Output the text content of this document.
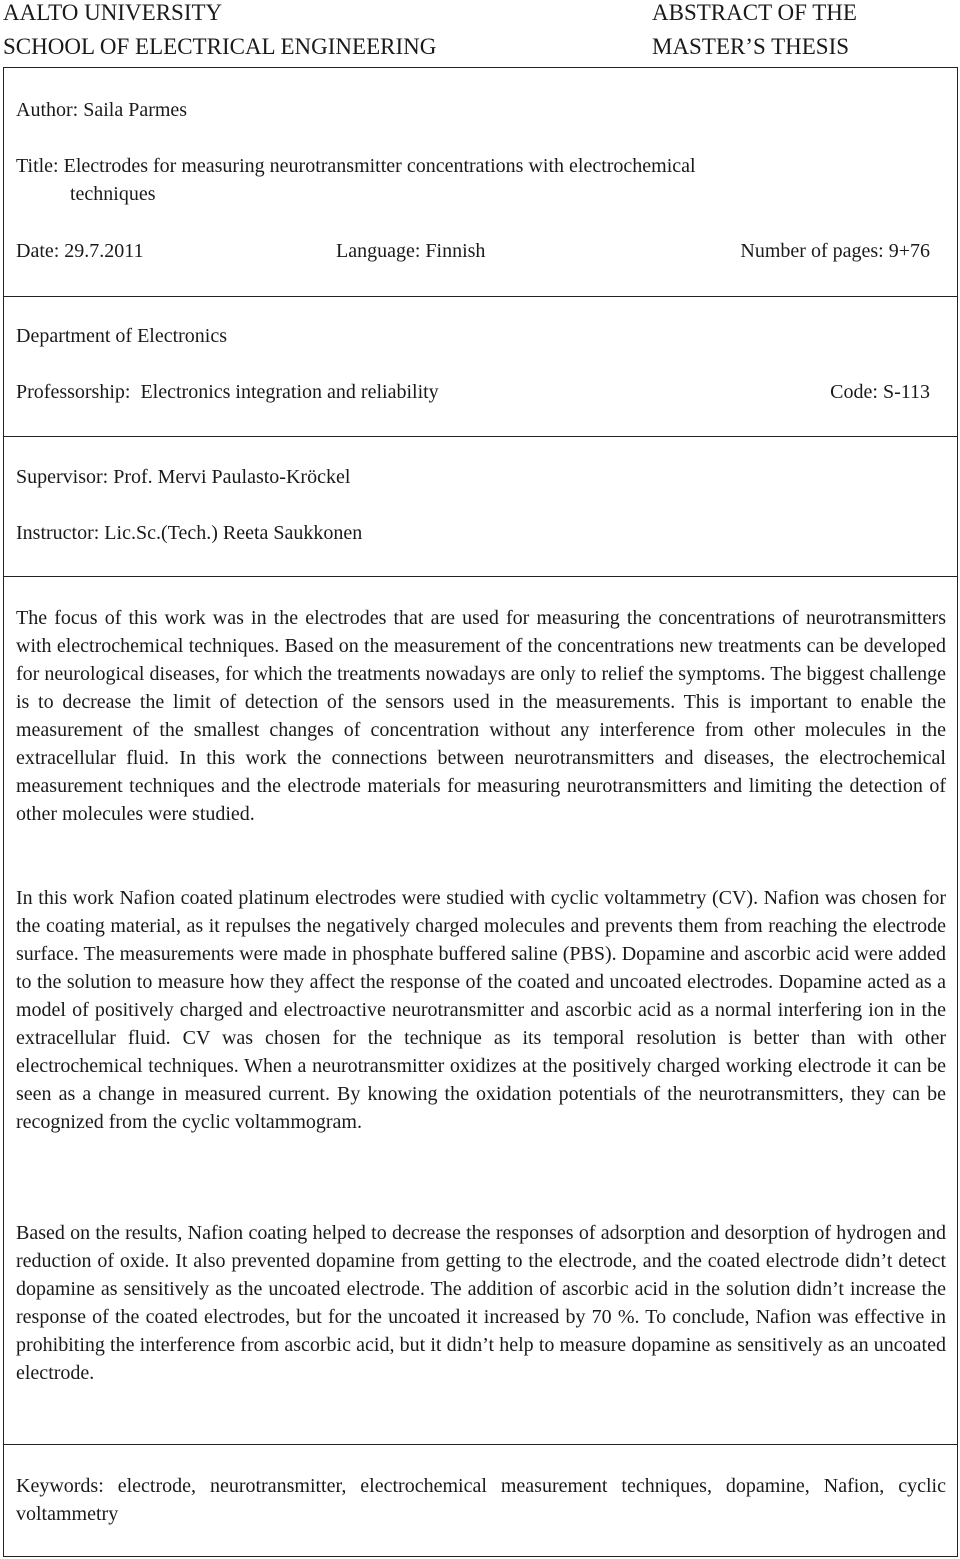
AALTO UNIVERSITY
SCHOOL OF ELECTRICAL ENGINEERING
ABSTRACT OF THE
MASTER’S THESIS
Author: Saila Parmes
Title: Electrodes for measuring neurotransmitter concentrations with electrochemical
techniques
Date: 29.7.2011	Language: Finnish	Number of pages: 9+76
Department of Electronics
Professorship:  Electronics integration and reliability	Code: S-113
Supervisor: Prof. Mervi Paulasto-Kröckel
Instructor: Lic.Sc.(Tech.) Reeta Saukkonen
The focus of this work was in the electrodes that are used for measuring the concentrations of neurotransmitters with electrochemical techniques. Based on the measurement of the concentrations new treatments can be developed for neurological diseases, for which the treatments nowadays are only to relief the symptoms. The biggest challenge is to decrease the limit of detection of the sensors used in the measurements. This is important to enable the measurement of the smallest changes of concentration without any interference from other molecules in the extracellular fluid. In this work the connections between neurotransmitters and diseases, the electrochemical measurement techniques and the electrode materials for measuring neurotransmitters and limiting the detection of other molecules were studied.
In this work Nafion coated platinum electrodes were studied with cyclic voltammetry (CV). Nafion was chosen for the coating material, as it repulses the negatively charged molecules and prevents them from reaching the electrode surface. The measurements were made in phosphate buffered saline (PBS). Dopamine and ascorbic acid were added to the solution to measure how they affect the response of the coated and uncoated electrodes. Dopamine acted as a model of positively charged and electroactive neurotransmitter and ascorbic acid as a normal interfering ion in the extracellular fluid. CV was chosen for the technique as its temporal resolution is better than with other electrochemical techniques. When a neurotransmitter oxidizes at the positively charged working electrode it can be seen as a change in measured current. By knowing the oxidation potentials of the neurotransmitters, they can be recognized from the cyclic voltammogram.
Based on the results, Nafion coating helped to decrease the responses of adsorption and desorption of hydrogen and reduction of oxide. It also prevented dopamine from getting to the electrode, and the coated electrode didn’t detect dopamine as sensitively as the uncoated electrode. The addition of ascorbic acid in the solution didn’t increase the response of the coated electrodes, but for the uncoated it increased by 70 %. To conclude, Nafion was effective in prohibiting the interference from ascorbic acid, but it didn’t help to measure dopamine as sensitively as an uncoated electrode.
Keywords: electrode, neurotransmitter, electrochemical measurement techniques, dopamine, Nafion, cyclic voltammetry
